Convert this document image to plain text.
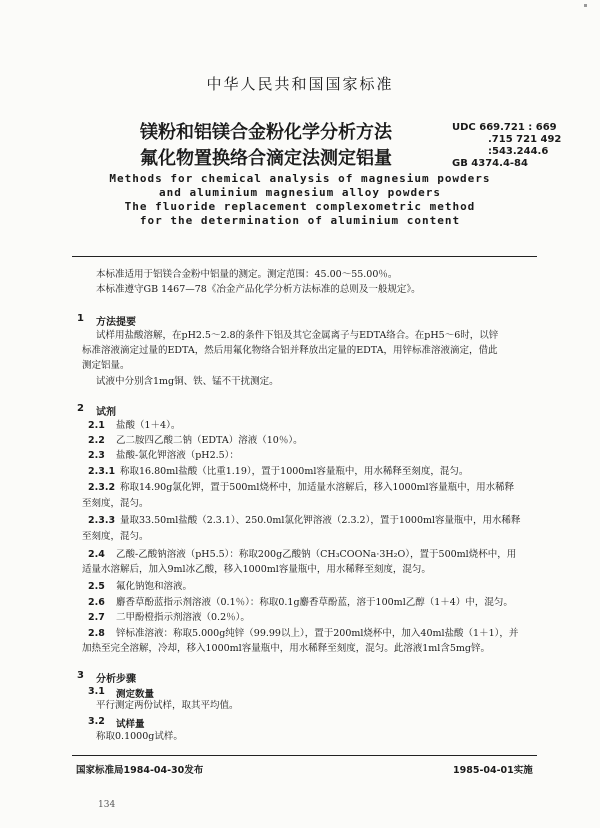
中华人民共和国国家标准
镁粉和铝镁合金粉化学分析方法
氟化物置换络合滴定法测定铝量
UDC 669.721 : 669
.715 721 492
:543.244.6
GB 4374.4-84
Methods for chemical analysis of magnesium powders
and aluminium magnesium alloy powders
The fluoride replacement complexometric method
for the determination of aluminium content
本标准适用于铝镁合金粉中铝量的测定。测定范围：45.00～55.00％。
本标准遵守GB 1467—78《冶金产品化学分析方法标准的总则及一般规定》。
1 方法提要
试样用盐酸溶解，在pH2.5～2.8的条件下铝及其它金属离子与EDTA络合。在pH5～6时，以锌
标准溶液滴定过量的EDTA，然后用氟化物络合铝并释放出定量的EDTA，用锌标准溶液滴定，借此
测定铝量。
试液中分别含1mg铜、铁、锰不干扰测定。
2 试剂
2.1 盐酸（1＋4）。
2.2 乙二胺四乙酸二钠（EDTA）溶液（10％）。
2.3 盐酸-氯化钾溶液（pH2.5）：
2.3.1 称取16.80ml盐酸（比重1.19），置于1000ml容量瓶中，用水稀释至刻度，混匀。
2.3.2 称取14.90g氯化钾，置于500ml烧杯中，加适量水溶解后，移入1000ml容量瓶中，用水稀释
至刻度，混匀。
2.3.3 量取33.50ml盐酸（2.3.1）、250.0ml氯化钾溶液（2.3.2），置于1000ml容量瓶中，用水稀释
至刻度，混匀。
2.4 乙酸-乙酸钠溶液（pH5.5）：称取200g乙酸钠（CH₃COONa·3H₂O），置于500ml烧杯中，用
适量水溶解后，加入9ml冰乙酸，移入1000ml容量瓶中，用水稀释至刻度，混匀。
2.5 氟化钠饱和溶液。
2.6 麝香草酚蓝指示剂溶液（0.1％）：称取0.1g麝香草酚蓝，溶于100ml乙醇（1＋4）中，混匀。
2.7 二甲酚橙指示剂溶液（0.2％）。
2.8 锌标准溶液：称取5.000g纯锌（99.99以上），置于200ml烧杯中，加入40ml盐酸（1＋1），并
加热至完全溶解，冷却，移入1000ml容量瓶中，用水稀释至刻度，混匀。此溶液1ml含5mg锌。
3 分析步骤
3.1 测定数量
平行测定两份试样，取其平均值。
3.2 试样量
称取0.1000g试样。
国家标准局1984-04-30发布	1985-04-01实施
134
